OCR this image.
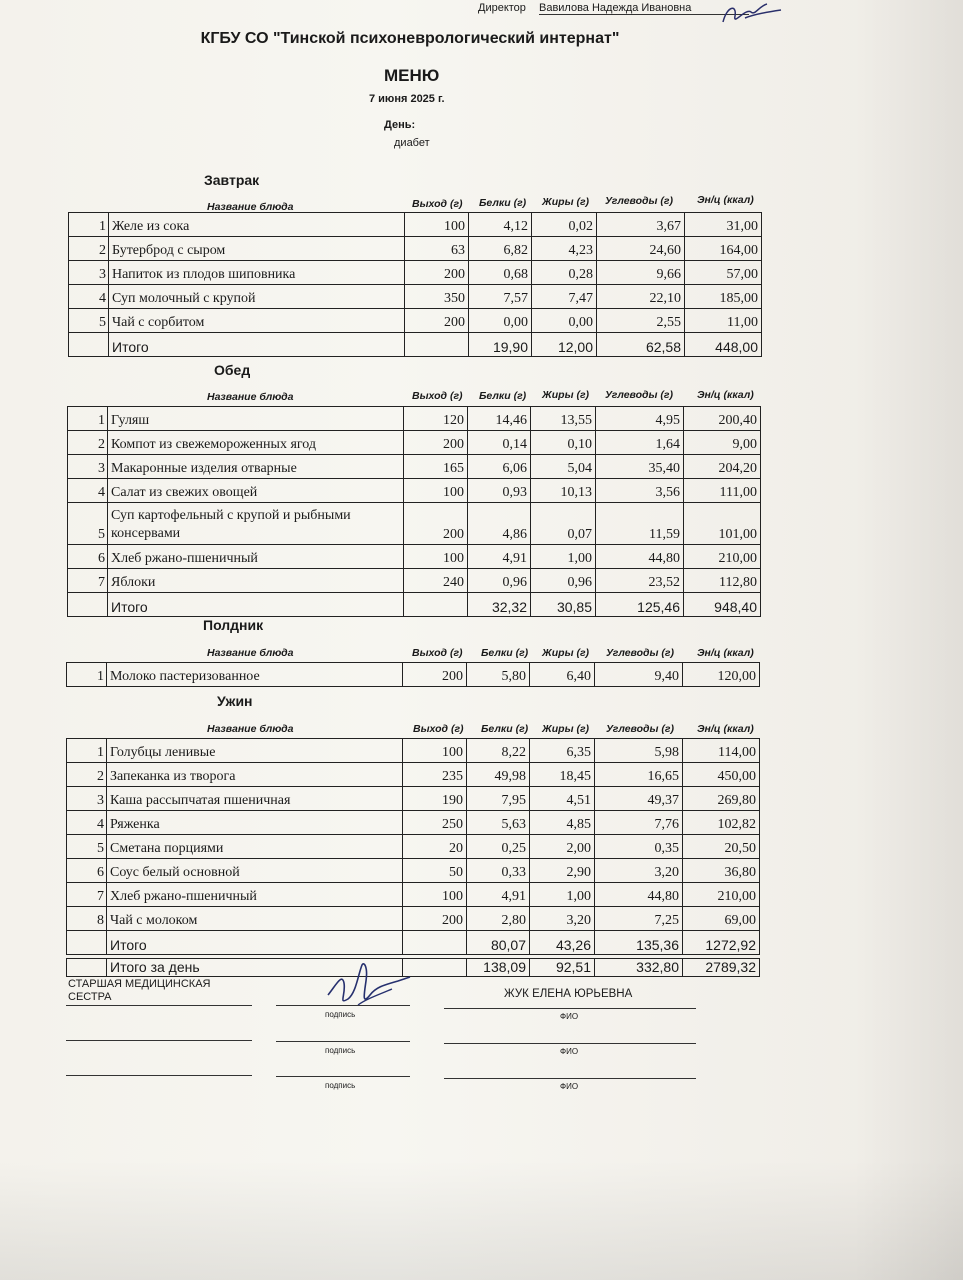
Директор Вавилова Надежда Ивановна
КГБУ СО "Тинской психоневрологический интернат"
МЕНЮ
7 июня 2025 г.
День:
диабет
Завтрак
Название блюда	Выход (г) Белки (г) Жиры (г) Углеводы (г) Эн/ц (ккал)
1	Желе из сока	100	4,12	0,02	3,67	31,00
2	Бутерброд с сыром	63	6,82	4,23	24,60	164,00
3	Напиток из плодов шиповника	200	0,68	0,28	9,66	57,00
4	Суп молочный с крупой	350	7,57	7,47	22,10	185,00
5	Чай с сорбитом	200	0,00	0,00	2,55	11,00
	Итого		19,90	12,00	62,58	448,00
Обед
Название блюда	Выход (г) Белки (г) Жиры (г) Углеводы (г) Эн/ц (ккал)
1	Гуляш	120	14,46	13,55	4,95	200,40
2	Компот из свежемороженных ягод	200	0,14	0,10	1,64	9,00
3	Макаронные изделия отварные	165	6,06	5,04	35,40	204,20
4	Салат из свежих овощей	100	0,93	10,13	3,56	111,00
5	Суп картофельный с крупой и рыбными консервами	200	4,86	0,07	11,59	101,00
6	Хлеб ржано-пшеничный	100	4,91	1,00	44,80	210,00
7	Яблоки	240	0,96	0,96	23,52	112,80
	Итого		32,32	30,85	125,46	948,40
Полдник
Название блюда	Выход (г) Белки (г) Жиры (г) Углеводы (г) Эн/ц (ккал)
1	Молоко пастеризованное	200	5,80	6,40	9,40	120,00
Ужин
Название блюда	Выход (г) Белки (г) Жиры (г) Углеводы (г) Эн/ц (ккал)
1	Голубцы ленивые	100	8,22	6,35	5,98	114,00
2	Запеканка из творога	235	49,98	18,45	16,65	450,00
3	Каша рассыпчатая пшеничная	190	7,95	4,51	49,37	269,80
4	Ряженка	250	5,63	4,85	7,76	102,82
5	Сметана порциями	20	0,25	2,00	0,35	20,50
6	Соус белый основной	50	0,33	2,90	3,20	36,80
7	Хлеб ржано-пшеничный	100	4,91	1,00	44,80	210,00
8	Чай с молоком	200	2,80	3,20	7,25	69,00
	Итого		80,07	43,26	135,36	1272,92
	Итого за день		138,09	92,51	332,80	2789,32
СТАРШАЯ МЕДИЦИНСКАЯ
СЕСТРА	ЖУК ЕЛЕНА ЮРЬЕВНА
подпись	ФИО
подпись	ФИО
подпись	ФИО
